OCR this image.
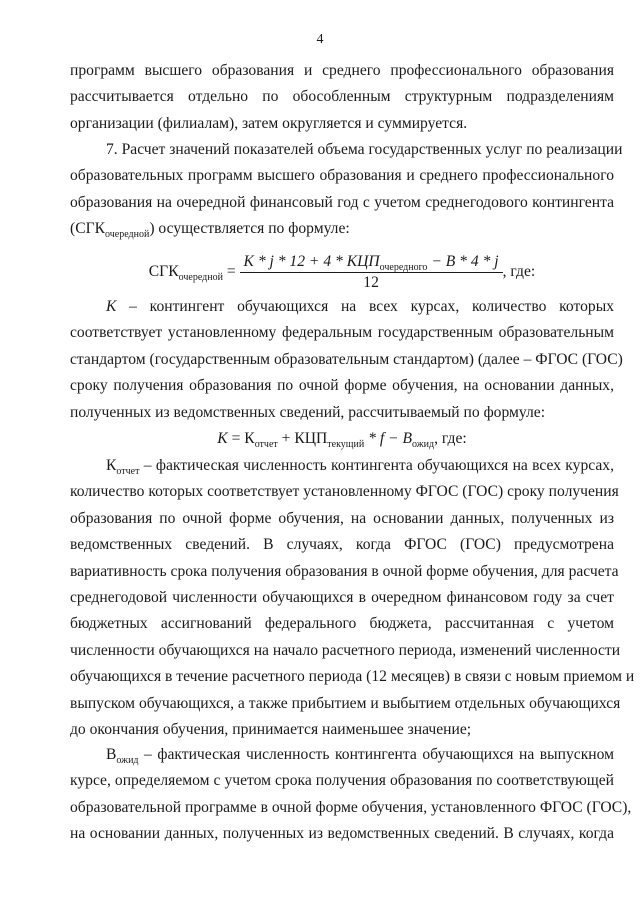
4
программ высшего образования и среднего профессионального образования
рассчитывается отдельно по обособленным структурным подразделениям
организации (филиалам), затем округляется и суммируется.
7. Расчет значений показателей объема государственных услуг по реализации
образовательных программ высшего образования и среднего профессионального
образования на очередной финансовый год с учетом среднегодового контингента
$(СГК_{очередной})$ осуществляется по формуле:
$СГК_{очередной} = \frac{K * j * 12 + 4 * КЦП_{очередного} - B * 4 * j}{12}$ , где:
K – контингент обучающихся на всех курсах, количество которых
соответствует установленному федеральным государственным образовательным
стандартом (государственным образовательным стандартом) (далее – ФГОС (ГОС)
сроку получения образования по очной форме обучения, на основании данных,
полученных из ведомственных сведений, рассчитываемый по формуле:
$K = К_{отчет} + КЦП_{текущий} * f - В_{ожид}$, где:
$К_{отчет}$ – фактическая численность контингента обучающихся на всех курсах,
количество которых соответствует установленному ФГОС (ГОС) сроку получения
образования по очной форме обучения, на основании данных, полученных из
ведомственных сведений. В случаях, когда ФГОС (ГОС) предусмотрена
вариативность срока получения образования в очной форме обучения, для расчета
среднегодовой численности обучающихся в очередном финансовом году за счет
бюджетных ассигнований федерального бюджета, рассчитанная с учетом
численности обучающихся на начало расчетного периода, изменений численности
обучающихся в течение расчетного периода (12 месяцев) в связи с новым приемом и
выпуском обучающихся, а также прибытием и выбытием отдельных обучающихся
до окончания обучения, принимается наименьшее значение;
$В_{ожид}$ – фактическая численность контингента обучающихся на выпускном
курсе, определяемом с учетом срока получения образования по соответствующей
образовательной программе в очной форме обучения, установленного ФГОС (ГОС),
на основании данных, полученных из ведомственных сведений. В случаях, когда
